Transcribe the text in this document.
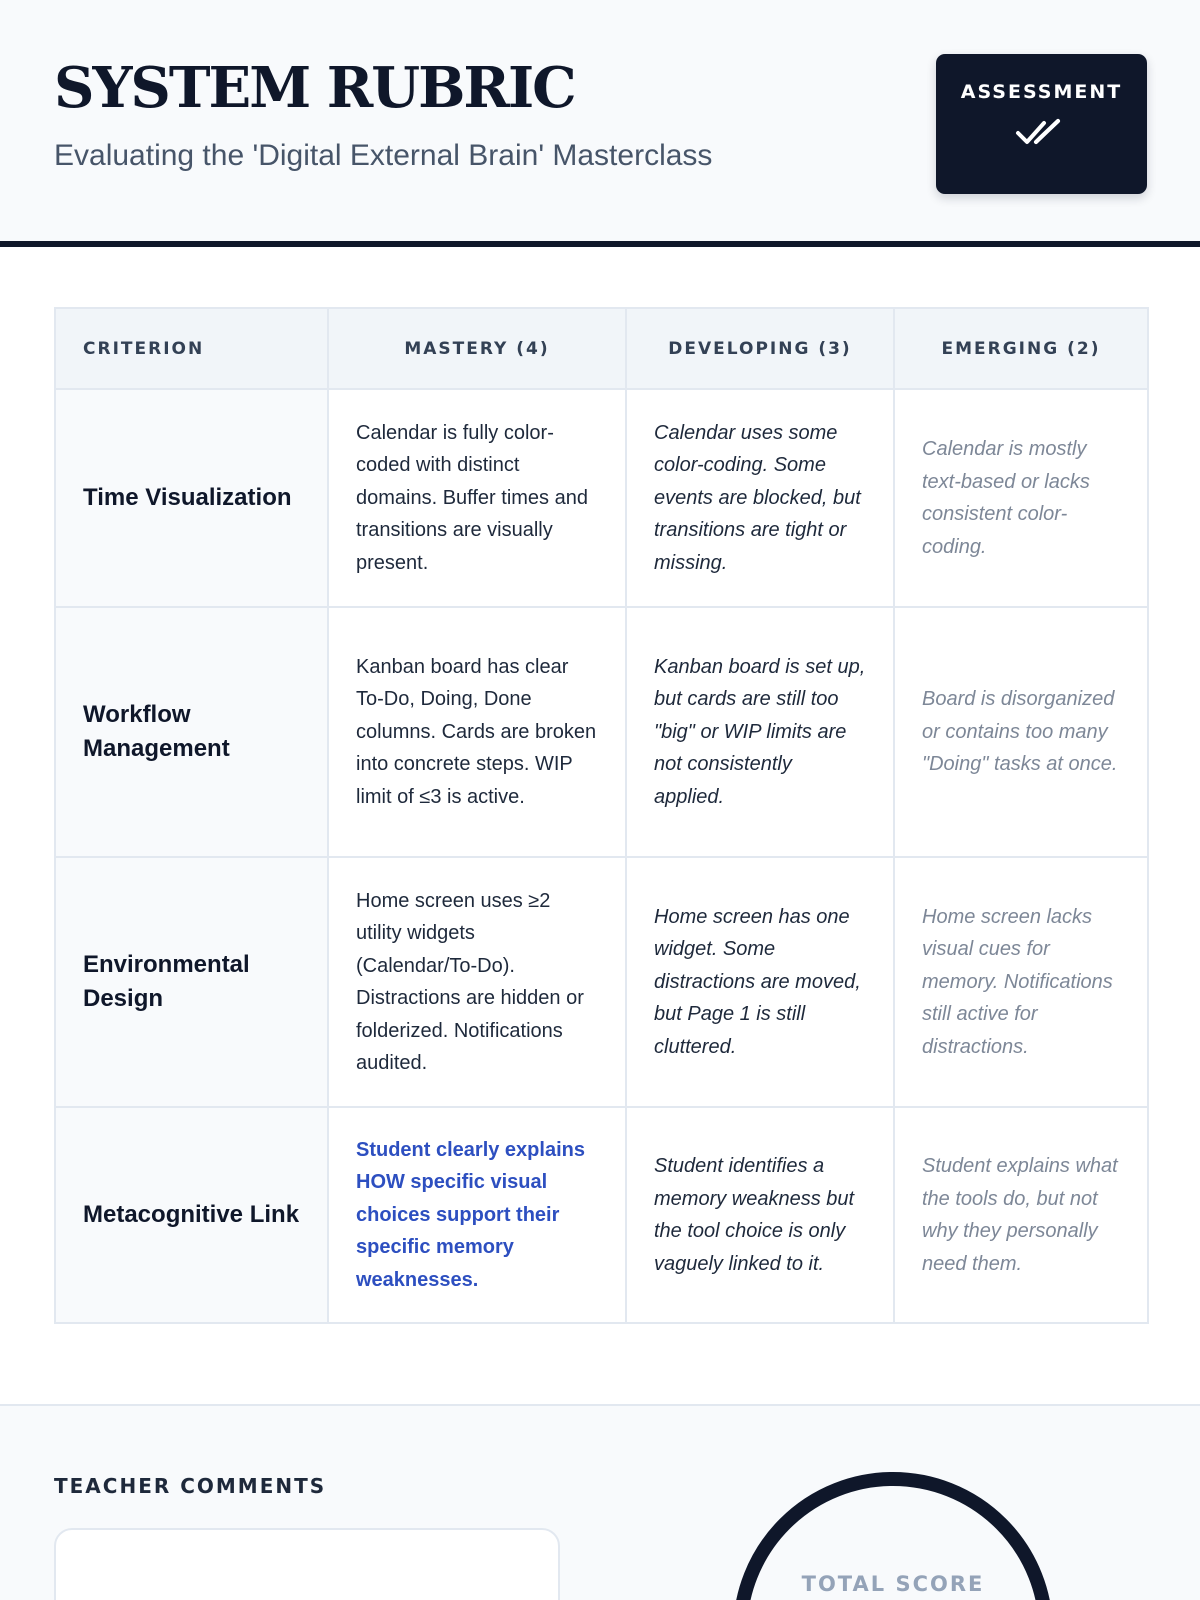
SYSTEM RUBRIC

Evaluating the 'Digital External Brain' Masterclass

ASSESSMENT
CRITERION	MASTERY (4)	DEVELOPING (3)	EMERGING (2)
Time Visualization	Calendar is fully color-coded with distinct domains. Buffer times and transitions are visually present.	Calendar uses some color-coding. Some events are blocked, but transitions are tight or missing.	Calendar is mostly text-based or lacks consistent color-coding.
Workflow Management	Kanban board has clear To-Do, Doing, Done columns. Cards are broken into concrete steps. WIP limit of ≤3 is active.	Kanban board is set up, but cards are still too "big" or WIP limits are not consistently applied.	Board is disorganized or contains too many "Doing" tasks at once.
Environmental Design	Home screen uses ≥2 utility widgets (Calendar/To-Do). Distractions are hidden or folderized. Notifications audited.	Home screen has one widget. Some distractions are moved, but Page 1 is still cluttered.	Home screen lacks visual cues for memory. Notifications still active for distractions.
Metacognitive Link	Student clearly explains HOW specific visual choices support their specific memory weaknesses.	Student identifies a memory weakness but the tool choice is only vaguely linked to it.	Student explains what the tools do, but not why they personally need them.
TEACHER COMMENTS
TOTAL SCORE
